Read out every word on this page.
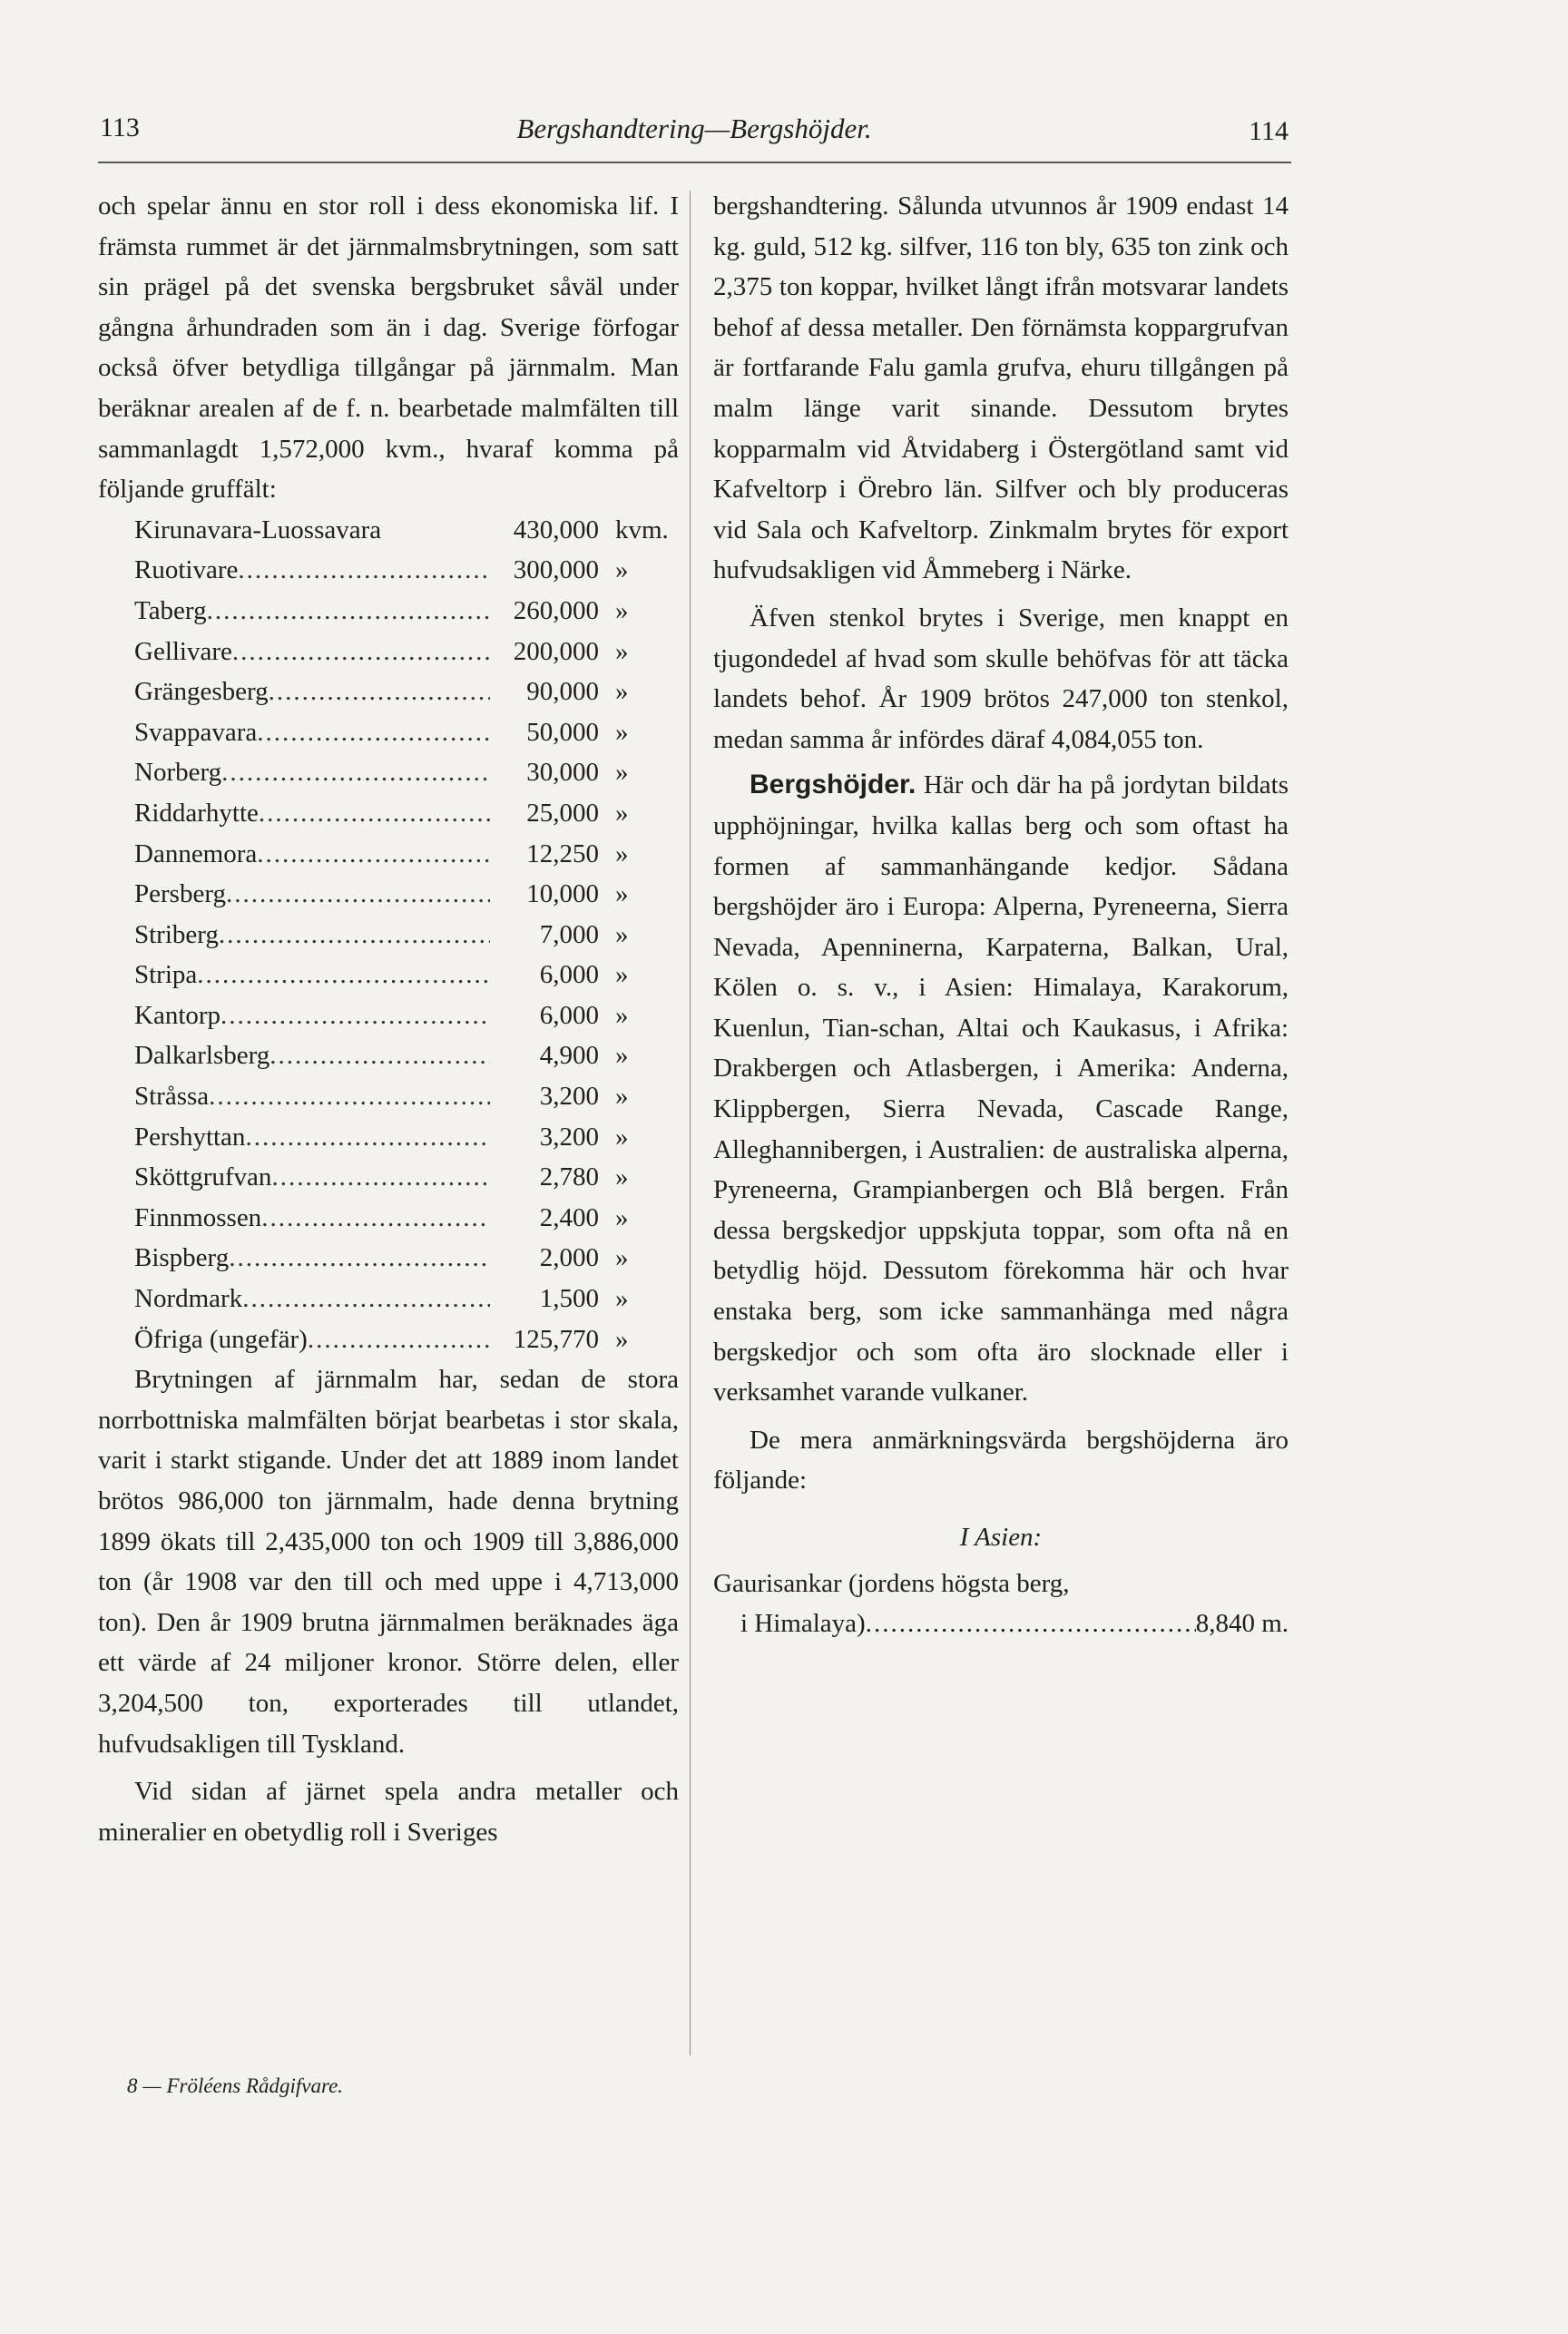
113	Bergshandtering—Bergshöjder.	114

och spelar ännu en stor roll i dess ekonomiska lif. I främsta rummet är det järnmalmsbrytningen, som satt sin prägel på det svenska bergsbruket såväl under gångna århundraden som än i dag. Sverige förfogar också öfver betydliga tillgångar på järnmalm. Man beräknar arealen af de f. n. bearbetade malmfälten till sammanlagdt 1,572,000 kvm., hvaraf komma på följande gruffält:

Kirunavara-Luossavara	430,000 kvm.
Ruotivare .....	300,000 »
Taberg .....	260,000 »
Gellivare .....	200,000 »
Grängesberg .....	90,000 »
Svappavara .....	50,000 »
Norberg .....	30,000 »
Riddarhytte .....	25,000 »
Dannemora .....	12,250 »
Persberg .....	10,000 »
Striberg .....	7,000 »
Stripa .....	6,000 »
Kantorp .....	6,000 »
Dalkarlsberg .....	4,900 »
Stråssa .....	3,200 »
Pershyttan .....	3,200 »
Sköttgrufvan .....	2,780 »
Finnmossen .....	2,400 »
Bispberg .....	2,000 »
Nordmark .....	1,500 »
Öfriga (ungefär) .....	125,770 »

Brytningen af järnmalm har, sedan de stora norrbottniska malmfälten börjat bearbetas i stor skala, varit i starkt stigande. Under det att 1889 inom landet brötos 986,000 ton järnmalm, hade denna brytning 1899 ökats till 2,435,000 ton och 1909 till 3,886,000 ton (år 1908 var den till och med uppe i 4,713,000 ton). Den år 1909 brutna järnmalmen beräknades äga ett värde af 24 miljoner kronor. Större delen, eller 3,204,500 ton, exporterades till utlandet, hufvudsakligen till Tyskland.

Vid sidan af järnet spela andra metaller och mineralier en obetydlig roll i Sveriges

bergshandtering. Sålunda utvunnos år 1909 endast 14 kg. guld, 512 kg. silfver, 116 ton bly, 635 ton zink och 2,375 ton koppar, hvilket långt ifrån motsvarar landets behof af dessa metaller. Den förnämsta koppargrufvan är fortfarande Falu gamla grufva, ehuru tillgången på malm länge varit sinande. Dessutom brytes kopparmalm vid Åtvidaberg i Östergötland samt vid Kafveltorp i Örebro län. Silfver och bly produceras vid Sala och Kafveltorp. Zinkmalm brytes för export hufvudsakligen vid Åmmeberg i Närke.

Äfven stenkol brytes i Sverige, men knappt en tjugondedel af hvad som skulle behöfvas för att täcka landets behof. År 1909 brötos 247,000 ton stenkol, medan samma år infördes däraf 4,084,055 ton.

Bergshöjder. Här och där ha på jordytan bildats upphöjningar, hvilka kallas berg och som oftast ha formen af sammanhängande kedjor. Sådana bergshöjder äro i Europa: Alperna, Pyreneerna, Sierra Nevada, Apenninerna, Karpaterna, Balkan, Ural, Kölen o. s. v., i Asien: Himalaya, Karakorum, Kuenlun, Tian-schan, Altai och Kaukasus, i Afrika: Drakbergen och Atlasbergen, i Amerika: Anderna, Klippbergen, Sierra Nevada, Cascade Range, Alleghannibergen, i Australien: de australiska alperna, Pyreneerna, Grampianbergen och Blå bergen. Från dessa bergskedjor uppskjuta toppar, som ofta nå en betydlig höjd. Dessutom förekomma här och hvar enstaka berg, som icke sammanhänga med några bergskedjor och som ofta äro slocknade eller i verksamhet varande vulkaner.

De mera anmärkningsvärda bergshöjderna äro följande:

I Asien:
Gaurisankar (jordens högsta berg,
i Himalaya) .....	8,840 m.
8 — Fröléens Rådgifvare.
